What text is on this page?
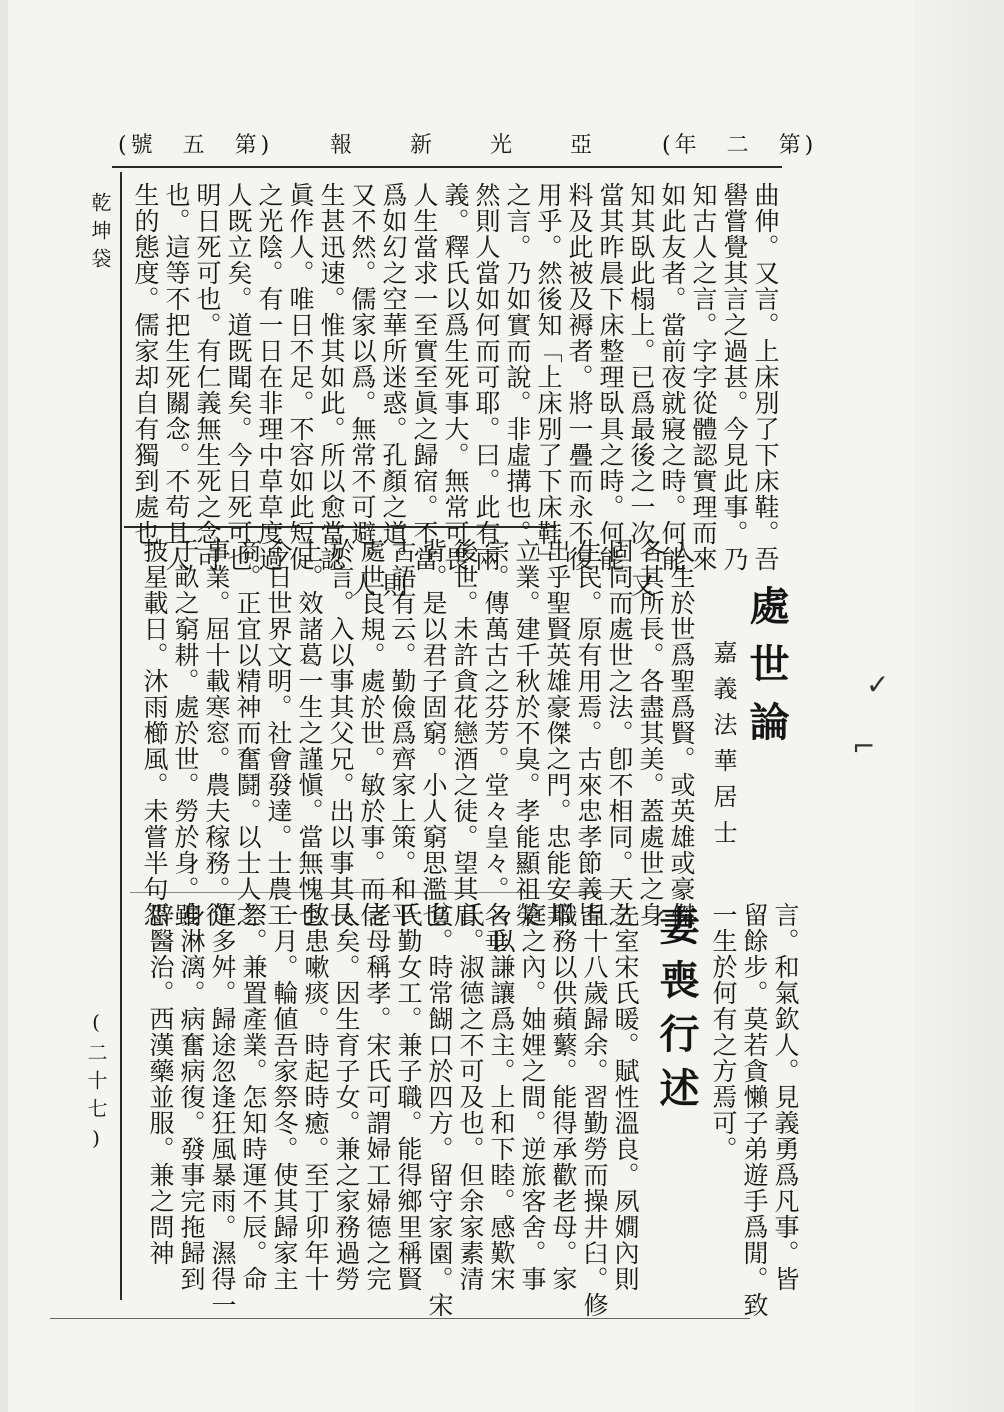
(號　五　第)	報　新　光　亞 (年　二　第)
乾坤袋
(二十七)
曲伸。又言。上床別了下床鞋。吾
嚳嘗覺其言之過甚。今見此事。乃
知古人之言。字字從體認實理而來
如此友者。當前夜就寢之時。何能
知其臥此榻上。已爲最後之一次。又
當其昨晨下床整理臥具之時。何能
料及此被及褥者。將一疊而永不復
用乎。然後知「上床別了下床鞋」
之言。乃如實而說。非虛搆也。
然則人當如何而可耶。曰。此有兩
義。釋氏以爲生死事大。無常可畏
人生當求一至實至眞之歸宿。不當
爲如幻之空華所迷惑。孔顏之道。則
又不然。儒家以爲。無常不可避。人
生甚迅速。惟其如此。所以愈當認
眞作人。唯日不足。不容如此短促
之光陰。有一日在非理中草草度過
人既立矣。道既聞矣。今日死可也
明日死可也。有仁義無生死之念可
也。這等不把生死關念。不苟且人
生的態度。儒家却自有獨到處也
處世論
嘉義法華居士
人生於世爲聖爲賢。或英雄或豪傑
各其所長。各盡其美。蓋處世之身
固同而處世之法。卽不相同。天之
生民。原有用焉。古來忠孝節義皆
出乎聖賢英雄豪傑之門。忠能安邦
立業。建千秋於不臭。孝能顯祖榮
宗。傳萬古之芬芳。堂々皇々。名垂
後世。未許貪花戀酒之徒。望其肩
背。是以君子固窮。小人窮思濫也
古語有云。勤儉爲齊家上策。和平
處世良規。處於世。敏於事。而信
於言。入以事其父兄。出以事其長
上。效諸葛一生之謹愼。當無愧也
今日世界文明。社會發達。士農工
商。正宜以精神而奮鬪。以士人之
事業。屈十載寒窓。農夫稼務。從
于畝之窮耕。處於世。勞於身。雖
披星載日。沐雨櫛風。未嘗半句怨
言。和氣欽人。見義勇爲凡事。皆
留餘步。莫若貪懶子弟遊手爲閒。致
一生於何有之方焉可。
妻喪行述
先室宋氏暖。賦性溫良。夙嫺內則
且十八歲歸余。習勤勞而操井臼。修
職務以供蘋蘩。能得承歡老母。家
庭之內。妯娌之間。逆旅客舍。事
々以謙讓爲主。上和下睦。感歎宋
氏。淑德之不可及也。但余家素清
貧。時常餬口於四方。留守家園。宋
氏勤女工。兼子職。能得鄉里稱賢
老母稱孝。宋氏可謂婦工婦德之完
人矣。因生育子女。兼之家務過勞
致患嗽痰。時起時癒。至丁卯年十
一月。輪値吾家祭冬。使其歸家主
祭。兼置產業。怎知時運不辰。命
運多舛。歸途忽逢狂風暴雨。濕得一
身淋漓。病奮病復。發事完拖歸到
辟醫治。西漢藥並服。兼之問神
✓
⌐
